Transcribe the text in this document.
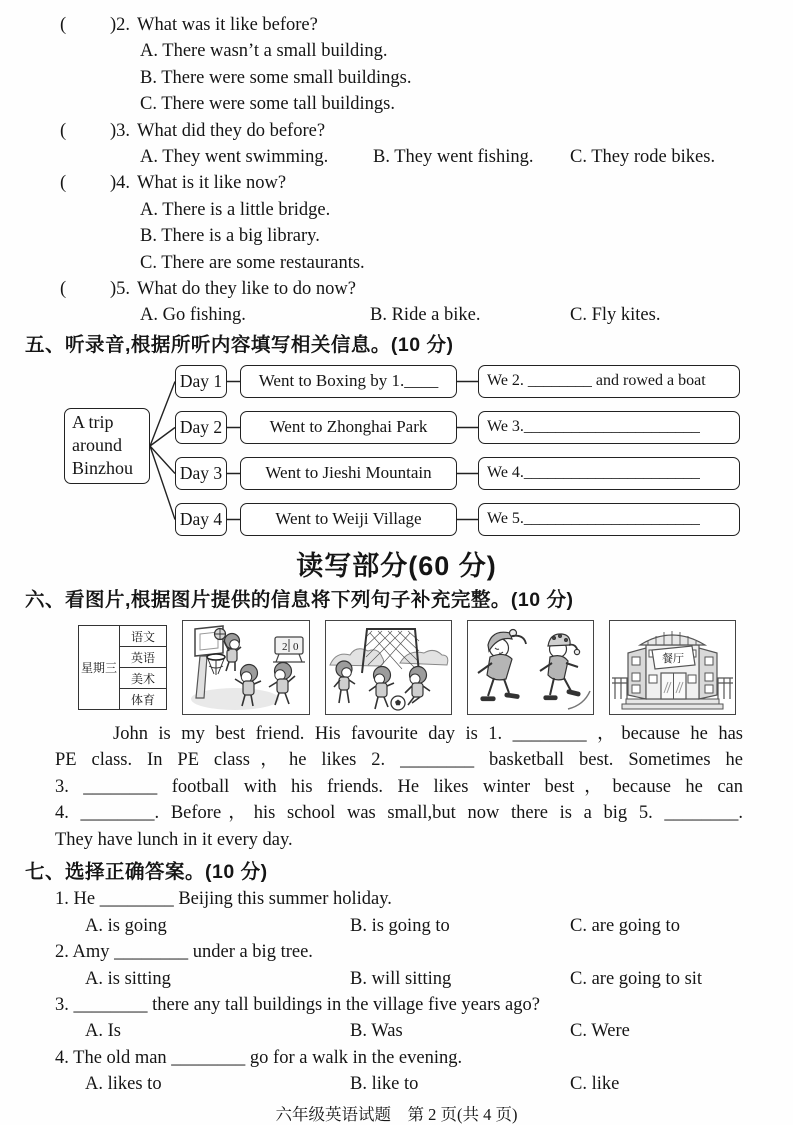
( )2. What was it like before?
A. There wasn’t a small building.
B. There were some small buildings.
C. There were some tall buildings.
( )3. What did they do before?
A. They went swimming.	B. They went fishing.	C. They rode bikes.
( )4. What is it like now?
A. There is a little bridge.
B. There is a big library.
C. There are some restaurants.
( )5. What do they like to do now?
A. Go fishing.	B. Ride a bike.	C. Fly kites.
五、听录音,根据所听内容填写相关信息。(10 分)
A trip around Binzhou
Day 1	Went to Boxing by 1.____	We 2. ________ and rowed a boat
Day 2	Went to Zhonghai Park	We 3.______________________
Day 3	Went to Jieshi Mountain	We 4.______________________
Day 4	Went to Weiji Village	We 5.______________________
读写部分(60 分)
六、看图片,根据图片提供的信息将下列句子补充完整。(10 分)
星期三	语文
英语
美术
体育
2 0
餐厅
John is my best friend. His favourite day is 1. ________ ，because he has
PE class. In PE class，he likes 2. ________ basketball best. Sometimes he
3. ________ football with his friends. He likes winter best，because he can
4. ________. Before，his school was small,but now there is a big 5. ________.
They have lunch in it every day.
七、选择正确答案。(10 分)
1. He ________ Beijing this summer holiday.
A. is going	B. is going to	C. are going to
2. Amy ________ under a big tree.
A. is sitting	B. will sitting	C. are going to sit
3. ________ there any tall buildings in the village five years ago?
A. Is	B. Was	C. Were
4. The old man ________ go for a walk in the evening.
A. likes to	B. like to	C. like
六年级英语试题　第 2 页(共 4 页)
